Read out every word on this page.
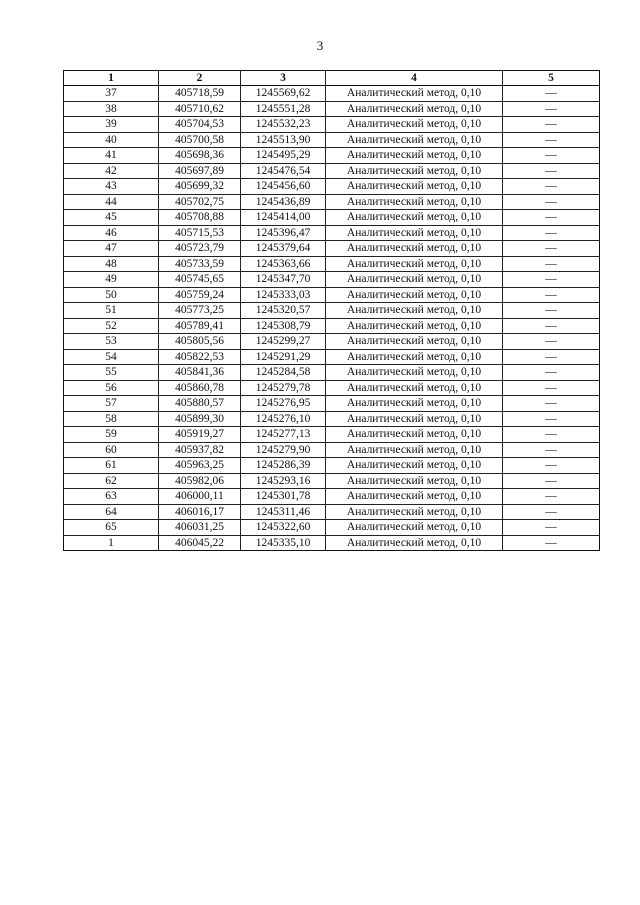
3
1	2	3	4	5
37	405718,59	1245569,62	Аналитический метод, 0,10	—
38	405710,62	1245551,28	Аналитический метод, 0,10	—
39	405704,53	1245532,23	Аналитический метод, 0,10	—
40	405700,58	1245513,90	Аналитический метод, 0,10	—
41	405698,36	1245495,29	Аналитический метод, 0,10	—
42	405697,89	1245476,54	Аналитический метод, 0,10	—
43	405699,32	1245456,60	Аналитический метод, 0,10	—
44	405702,75	1245436,89	Аналитический метод, 0,10	—
45	405708,88	1245414,00	Аналитический метод, 0,10	—
46	405715,53	1245396,47	Аналитический метод, 0,10	—
47	405723,79	1245379,64	Аналитический метод, 0,10	—
48	405733,59	1245363,66	Аналитический метод, 0,10	—
49	405745,65	1245347,70	Аналитический метод, 0,10	—
50	405759,24	1245333,03	Аналитический метод, 0,10	—
51	405773,25	1245320,57	Аналитический метод, 0,10	—
52	405789,41	1245308,79	Аналитический метод, 0,10	—
53	405805,56	1245299,27	Аналитический метод, 0,10	—
54	405822,53	1245291,29	Аналитический метод, 0,10	—
55	405841,36	1245284,58	Аналитический метод, 0,10	—
56	405860,78	1245279,78	Аналитический метод, 0,10	—
57	405880,57	1245276,95	Аналитический метод, 0,10	—
58	405899,30	1245276,10	Аналитический метод, 0,10	—
59	405919,27	1245277,13	Аналитический метод, 0,10	—
60	405937,82	1245279,90	Аналитический метод, 0,10	—
61	405963,25	1245286,39	Аналитический метод, 0,10	—
62	405982,06	1245293,16	Аналитический метод, 0,10	—
63	406000,11	1245301,78	Аналитический метод, 0,10	—
64	406016,17	1245311,46	Аналитический метод, 0,10	—
65	406031,25	1245322,60	Аналитический метод, 0,10	—
1	406045,22	1245335,10	Аналитический метод, 0,10	—
